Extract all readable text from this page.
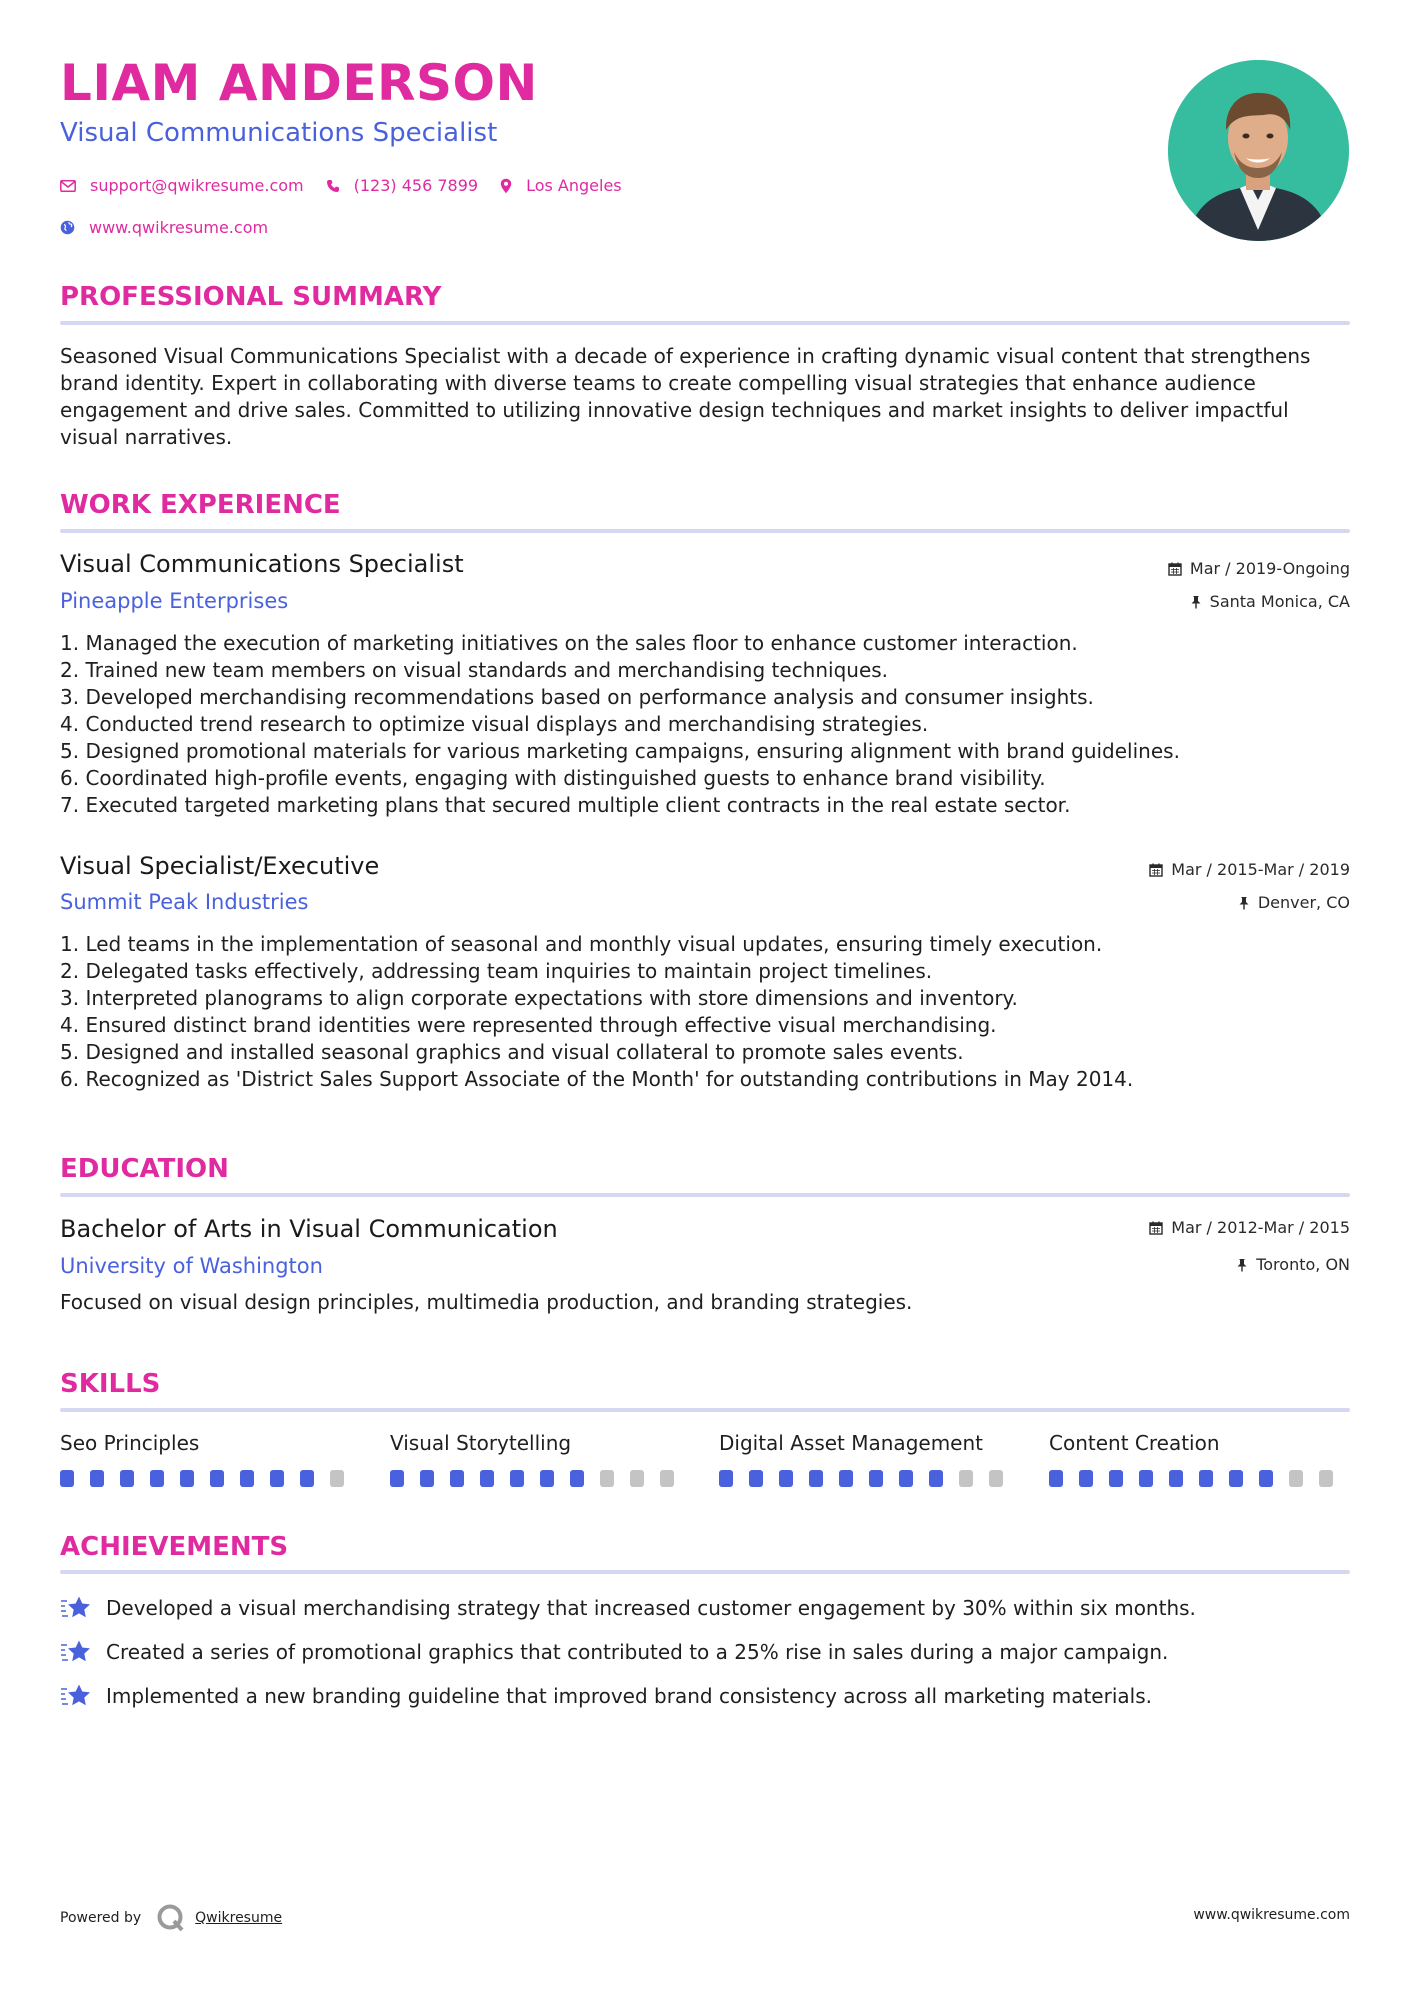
LIAM ANDERSON
Visual Communications Specialist
support@qwikresume.com	(123) 456 7899	Los Angeles
www.qwikresume.com
PROFESSIONAL SUMMARY
Seasoned Visual Communications Specialist with a decade of experience in crafting dynamic visual content that strengthens brand identity. Expert in collaborating with diverse teams to create compelling visual strategies that enhance audience engagement and drive sales. Committed to utilizing innovative design techniques and market insights to deliver impactful visual narratives.
WORK EXPERIENCE
Visual Communications Specialist	Mar / 2019-Ongoing
Pineapple Enterprises	Santa Monica, CA
1. Managed the execution of marketing initiatives on the sales floor to enhance customer interaction.
2. Trained new team members on visual standards and merchandising techniques.
3. Developed merchandising recommendations based on performance analysis and consumer insights.
4. Conducted trend research to optimize visual displays and merchandising strategies.
5. Designed promotional materials for various marketing campaigns, ensuring alignment with brand guidelines.
6. Coordinated high-profile events, engaging with distinguished guests to enhance brand visibility.
7. Executed targeted marketing plans that secured multiple client contracts in the real estate sector.
Visual Specialist/Executive	Mar / 2015-Mar / 2019
Summit Peak Industries	Denver, CO
1. Led teams in the implementation of seasonal and monthly visual updates, ensuring timely execution.
2. Delegated tasks effectively, addressing team inquiries to maintain project timelines.
3. Interpreted planograms to align corporate expectations with store dimensions and inventory.
4. Ensured distinct brand identities were represented through effective visual merchandising.
5. Designed and installed seasonal graphics and visual collateral to promote sales events.
6. Recognized as 'District Sales Support Associate of the Month' for outstanding contributions in May 2014.
EDUCATION
Bachelor of Arts in Visual Communication	Mar / 2012-Mar / 2015
University of Washington	Toronto, ON
Focused on visual design principles, multimedia production, and branding strategies.
SKILLS
Seo Principles	Visual Storytelling	Digital Asset Management	Content Creation
ACHIEVEMENTS
Developed a visual merchandising strategy that increased customer engagement by 30% within six months.
Created a series of promotional graphics that contributed to a 25% rise in sales during a major campaign.
Implemented a new branding guideline that improved brand consistency across all marketing materials.
Powered by	Qwikresume	www.qwikresume.com
